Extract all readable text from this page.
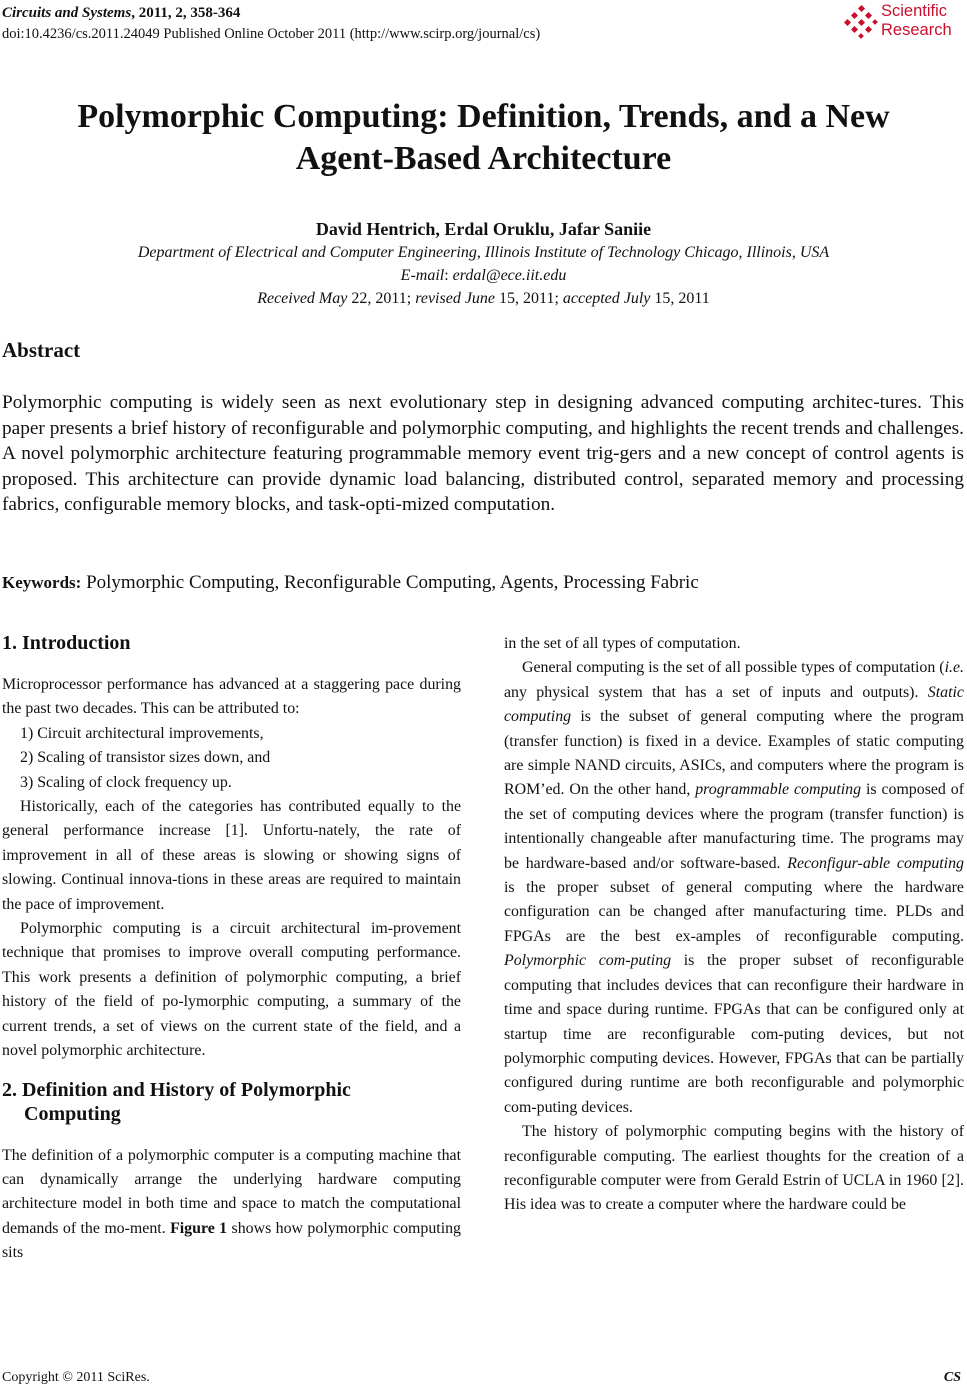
Circuits and Systems, 2011, 2, 358-364
doi:10.4236/cs.2011.24049 Published Online October 2011 (http://www.scirp.org/journal/cs)
Scientific
Research
Polymorphic Computing: Definition, Trends, and a New
Agent-Based Architecture
David Hentrich, Erdal Oruklu, Jafar Saniie
Department of Electrical and Computer Engineering, Illinois Institute of Technology Chicago, Illinois, USA
E-mail: erdal@ece.iit.edu
Received May 22, 2011; revised June 15, 2011; accepted July 15, 2011
Abstract
Polymorphic computing is widely seen as next evolutionary step in designing advanced computing architec-tures. This paper presents a brief history of reconfigurable and polymorphic computing, and highlights the recent trends and challenges. A novel polymorphic architecture featuring programmable memory event trig-gers and a new concept of control agents is proposed. This architecture can provide dynamic load balancing, distributed control, separated memory and processing fabrics, configurable memory blocks, and task-opti-mized computation.
Keywords: Polymorphic Computing, Reconfigurable Computing, Agents, Processing Fabric
1. Introduction

Microprocessor performance has advanced at a staggering pace during the past two decades. This can be attributed to:

1) Circuit architectural improvements,

2) Scaling of transistor sizes down, and

3) Scaling of clock frequency up.

Historically, each of the categories has contributed equally to the general performance increase [1]. Unfortu-nately, the rate of improvement in all of these areas is slowing or showing signs of slowing. Continual innova-tions in these areas are required to maintain the pace of improvement.

Polymorphic computing is a circuit architectural im-provement technique that promises to improve overall computing performance. This work presents a definition of polymorphic computing, a brief history of the field of po-lymorphic computing, a summary of the current trends, a set of views on the current state of the field, and a novel polymorphic architecture.

2. Definition and History of Polymorphic
Computing

The definition of a polymorphic computer is a computing machine that can dynamically arrange the underlying hardware computing architecture model in both time and space to match the computational demands of the mo-ment. Figure 1 shows how polymorphic computing sits

in the set of all types of computation.

General computing is the set of all possible types of computation (i.e. any physical system that has a set of inputs and outputs). Static computing is the subset of general computing where the program (transfer function) is fixed in a device. Examples of static computing are simple NAND circuits, ASICs, and computers where the program is ROM’ed. On the other hand, programmable computing is composed of the set of computing devices where the program (transfer function) is intentionally changeable after manufacturing time. The programs may be hardware-based and/or software-based. Reconfigur-able computing is the proper subset of general computing where the hardware configuration can be changed after manufacturing time. PLDs and FPGAs are the best ex-amples of reconfigurable computing. Polymorphic com-puting is the proper subset of reconfigurable computing that includes devices that can reconfigure their hardware in time and space during runtime. FPGAs that can be configured only at startup time are reconfigurable com-puting devices, but not polymorphic computing devices. However, FPGAs that can be partially configured during runtime are both reconfigurable and polymorphic com-puting devices.

The history of polymorphic computing begins with the history of reconfigurable computing. The earliest thoughts for the creation of a reconfigurable computer were from Gerald Estrin of UCLA in 1960 [2]. His idea was to create a computer where the hardware could be

Copyright © 2011 SciRes.	CS
